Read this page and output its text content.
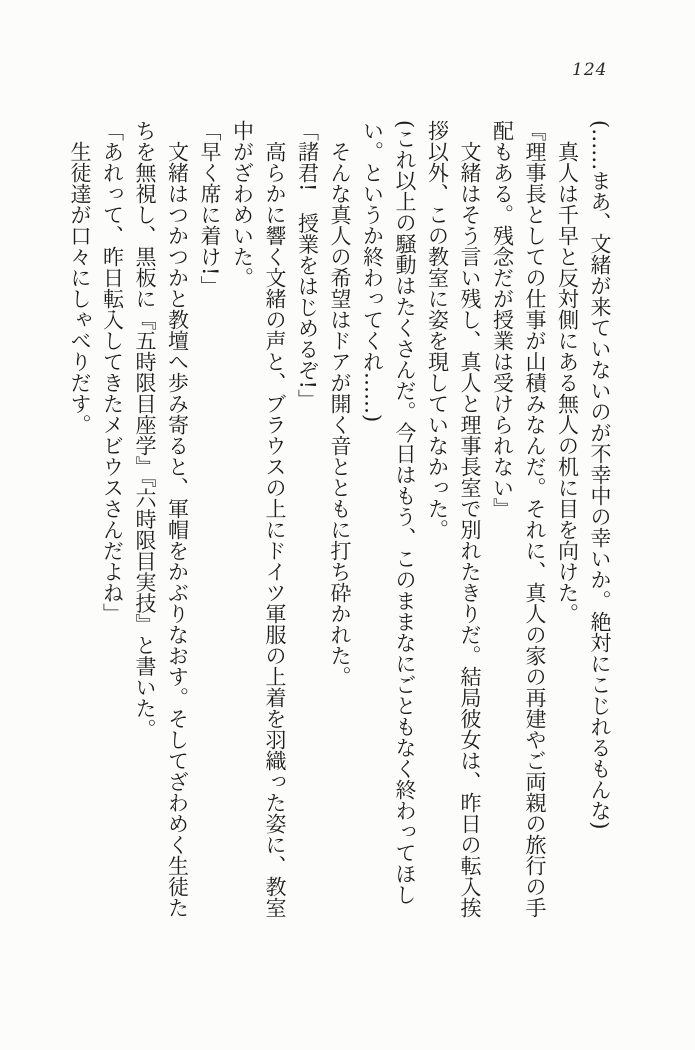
124
(……まあ、文緒が来ていないのが不幸中の幸いか。絶対にこじれるもんな)
真人は千早と反対側にある無人の机に目を向けた。
『理事長としての仕事が山積みなんだ。それに、真人の家の再建やご両親の旅行の手
配もある。残念だが授業は受けられない』
文緒はそう言い残し、真人と理事長室で別れたきりだ。結局彼女は、昨日の転入挨
拶以外、この教室に姿を現していなかった。
(これ以上の騒動はたくさんだ。今日はもう、このままなにごともなく終わってほし
い。というか終わってくれ……)
そんな真人の希望はドアが開く音とともに打ち砕かれた。
「諸君!　授業をはじめるぞ!」
高らかに響く文緒の声と、ブラウスの上にドイツ軍服の上着を羽織った姿に、教室
中がざわめいた。
「早く席に着け!」
文緒はつかつかと教壇へ歩み寄ると、軍帽をかぶりなおす。そしてざわめく生徒た
ちを無視し、黒板に『五時限目座学』『六時限目実技』と書いた。
「あれって、昨日転入してきたメビウスさんだよね」
生徒達が口々にしゃべりだす。
